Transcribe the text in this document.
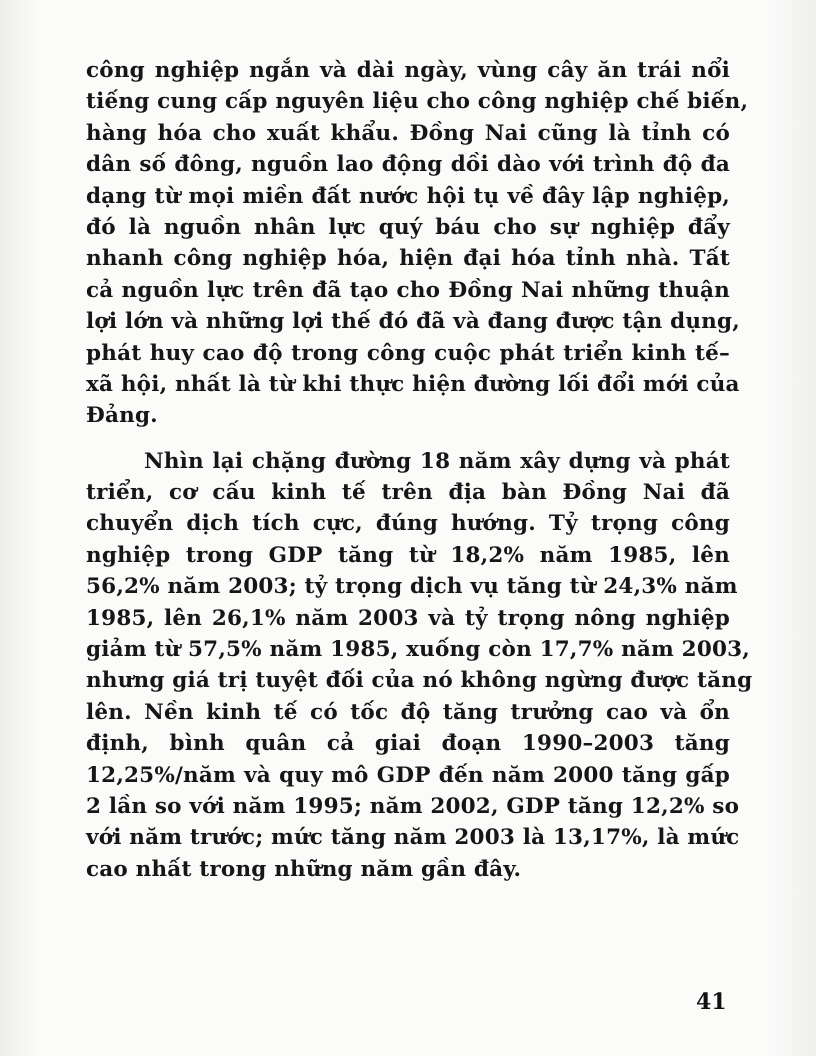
công nghiệp ngắn và dài ngày, vùng cây ăn trái nổi
tiếng cung cấp nguyên liệu cho công nghiệp chế biến,
hàng hóa cho xuất khẩu. Đồng Nai cũng là tỉnh có
dân số đông, nguồn lao động dồi dào với trình độ đa
dạng từ mọi miền đất nước hội tụ về đây lập nghiệp,
đó là nguồn nhân lực quý báu cho sự nghiệp đẩy
nhanh công nghiệp hóa, hiện đại hóa tỉnh nhà. Tất
cả nguồn lực trên đã tạo cho Đồng Nai những thuận
lợi lớn và những lợi thế đó đã và đang được tận dụng,
phát huy cao độ trong công cuộc phát triển kinh tế–
xã hội, nhất là từ khi thực hiện đường lối đổi mới của
Đảng.
Nhìn lại chặng đường 18 năm xây dựng và phát
triển, cơ cấu kinh tế trên địa bàn Đồng Nai đã
chuyển dịch tích cực, đúng hướng. Tỷ trọng công
nghiệp trong GDP tăng từ 18,2% năm 1985, lên
56,2% năm 2003; tỷ trọng dịch vụ tăng từ 24,3% năm
1985, lên 26,1% năm 2003 và tỷ trọng nông nghiệp
giảm từ 57,5% năm 1985, xuống còn 17,7% năm 2003,
nhưng giá trị tuyệt đối của nó không ngừng được tăng
lên. Nền kinh tế có tốc độ tăng trưởng cao và ổn
định, bình quân cả giai đoạn 1990–2003 tăng
12,25%/năm và quy mô GDP đến năm 2000 tăng gấp
2 lần so với năm 1995; năm 2002, GDP tăng 12,2% so
với năm trước; mức tăng năm 2003 là 13,17%, là mức
cao nhất trong những năm gần đây.
41
